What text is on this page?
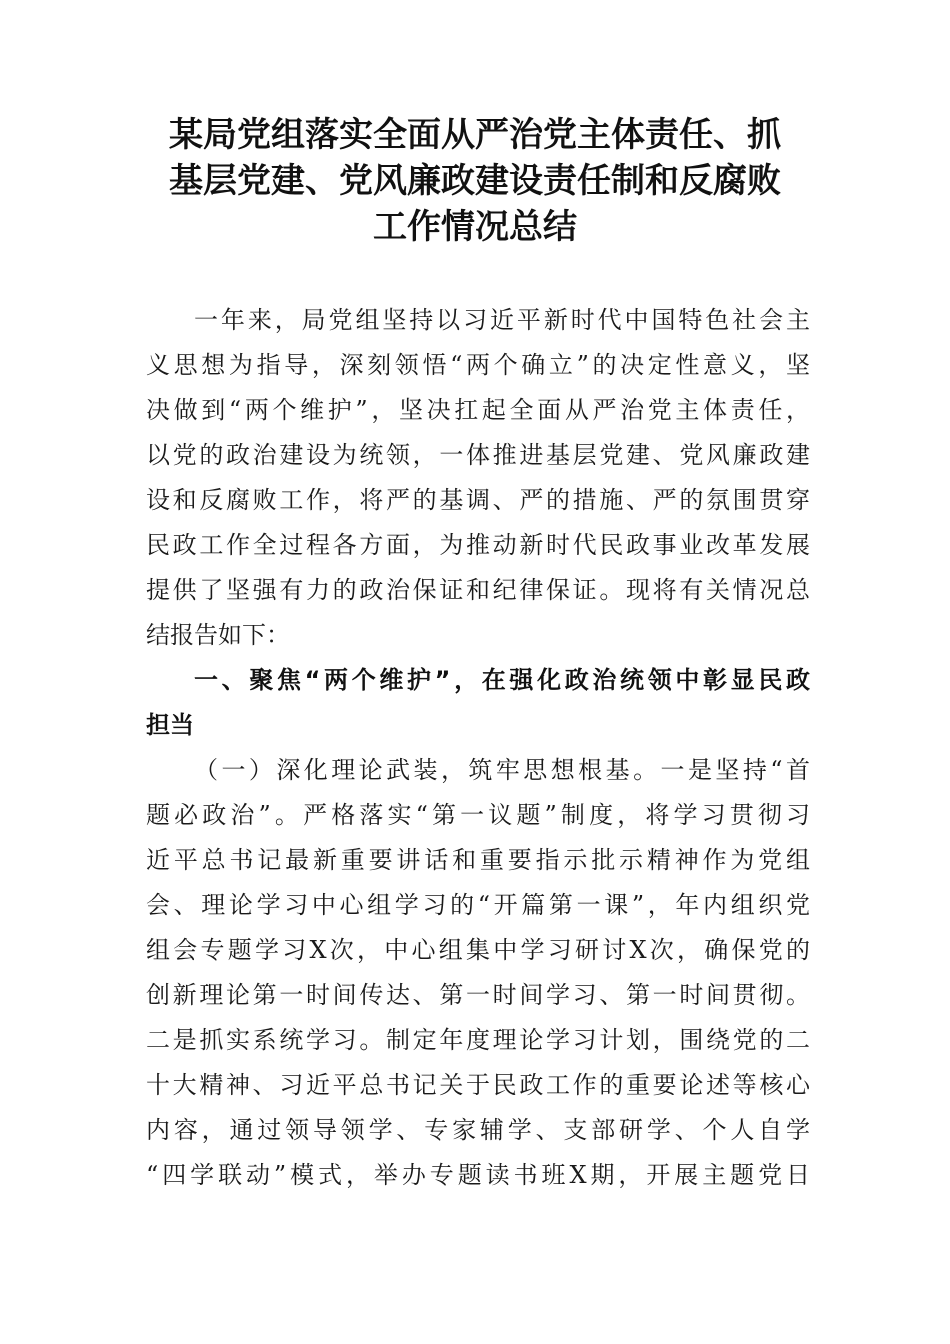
某局党组落实全面从严治党主体责任、抓
基层党建、党风廉政建设责任制和反腐败
工作情况总结
一年来，局党组坚持以习近平新时代中国特色社会主
义思想为指导，深刻领悟“两个确立”的决定性意义，坚
决做到“两个维护”，坚决扛起全面从严治党主体责任，
以党的政治建设为统领，一体推进基层党建、党风廉政建
设和反腐败工作，将严的基调、严的措施、严的氛围贯穿
民政工作全过程各方面，为推动新时代民政事业改革发展
提供了坚强有力的政治保证和纪律保证。现将有关情况总
结报告如下：
一、聚焦“两个维护”，在强化政治统领中彰显民政
担当
（一）深化理论武装，筑牢思想根基。一是坚持“首
题必政治”。严格落实“第一议题”制度，将学习贯彻习
近平总书记最新重要讲话和重要指示批示精神作为党组
会、理论学习中心组学习的“开篇第一课”，年内组织党
组会专题学习X次，中心组集中学习研讨X次，确保党的
创新理论第一时间传达、第一时间学习、第一时间贯彻。
二是抓实系统学习。制定年度理论学习计划，围绕党的二
十大精神、习近平总书记关于民政工作的重要论述等核心
内容，通过领导领学、专家辅学、支部研学、个人自学
“四学联动”模式，举办专题读书班X期，开展主题党日
